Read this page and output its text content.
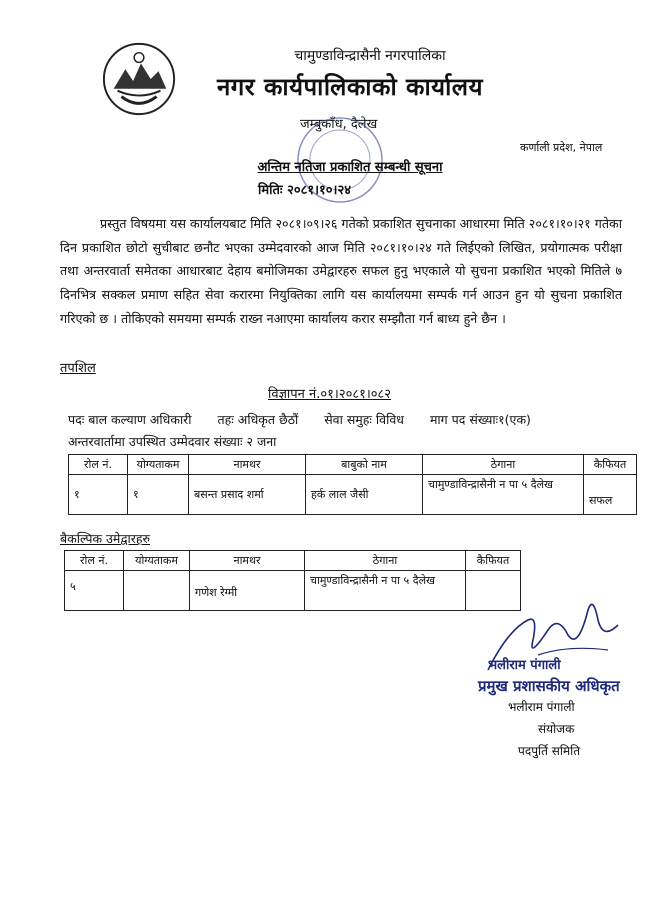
चामुण्डाविन्द्रासैनी नगरपालिका
नगर कार्यपालिकाको कार्यालय
जम्बुकाँध, दैलेख
कर्णाली प्रदेश, नेपाल
अन्तिम नतिजा प्रकाशित सम्बन्धी सूचना
मितिः २०८१।१०।२४
प्रस्तुत विषयमा यस कार्यालयबाट मिति २०८१।०९।२६ गतेको प्रकाशित सुचनाका आधारमा मिति २०८१।१०।२१ गतेका दिन प्रकाशित छोटो सुचीबाट छनौट भएका उम्मेदवारको आज मिति २०८१।१०।२४ गते लिईएको लिखित, प्रयोगात्मक परीक्षा तथा अन्तरवार्ता समेतका आधारबाट देहाय बमोजिमका उमेद्वारहरु सफल हुनु भएकाले यो सुचना प्रकाशित भएको मितिले ७ दिनभित्र सक्कल प्रमाण सहित सेवा करारमा नियुक्तिका लागि यस कार्यालयमा सम्पर्क गर्न आउन हुन यो सुचना प्रकाशित गरिएको छ । तोकिएको समयमा सम्पर्क राख्न नआएमा कार्यालय करार सम्झौता गर्न बाध्य हुने छैन ।
तपशिल
विज्ञापन नं.०१।२०८१।०८२
पदः बाल कल्याण अधिकारी तहः अधिकृत छैठौं सेवा समुहः विविध माग पद संख्याः१(एक)
अन्तरवार्तामा उपस्थित उम्मेदवार संख्याः २ जना
रोल नं.	योग्यताकम	नामथर	बाबुको नाम	ठेगाना	कैफियत
१	१	बसन्त प्रसाद शर्मा	हर्क लाल जैसी	चामुण्डाविन्द्रासैनी न पा ५ दैलेख	सफल
बैकल्पिक उमेद्वारहरु
रोल नं.	योग्यताकम	नामथर	ठेगाना	कैफियत
५		गणेश रेग्मी	चामुण्डाविन्द्रासैनी न पा ५ दैलेख	
भलीराम पंगाली
प्रमुख प्रशासकीय अधिकृत
भलीराम पंगाली
संयोजक
पदपुर्ति समिति
